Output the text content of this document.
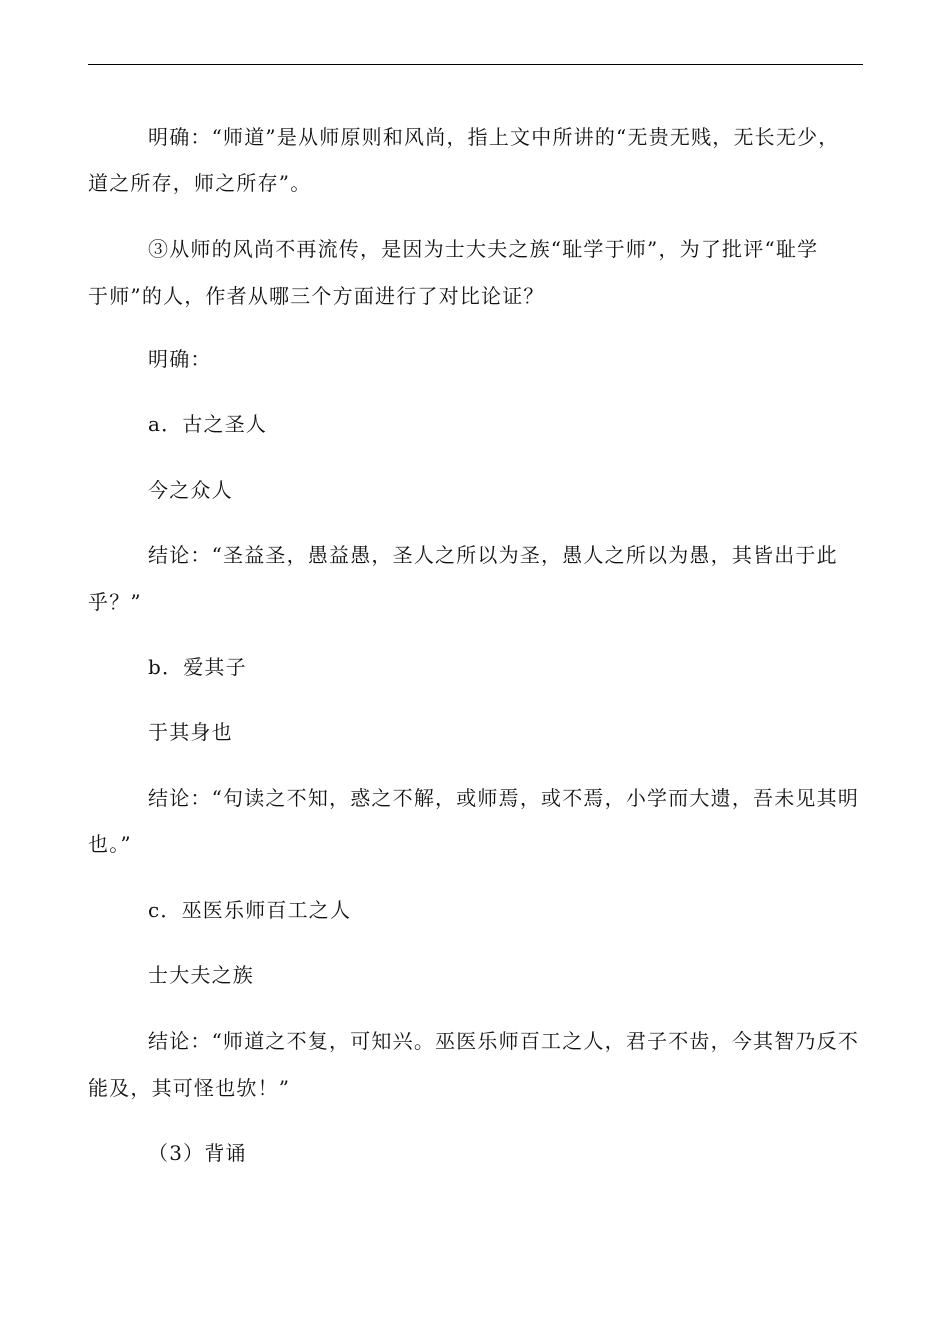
明确：“师道”是从师原则和风尚，指上文中所讲的“无贵无贱，无长无少，

道之所存，师之所存”。

③从师的风尚不再流传，是因为士大夫之族“耻学于师”，为了批评“耻学

于师”的人，作者从哪三个方面进行了对比论证？

明确：

a．古之圣人

今之众人

结论：“圣益圣，愚益愚，圣人之所以为圣，愚人之所以为愚，其皆出于此

乎？”

b．爱其子

于其身也

结论：“句读之不知，惑之不解，或师焉，或不焉，小学而大遗，吾未见其明

也。”

c．巫医乐师百工之人

士大夫之族

结论：“师道之不复，可知兴。巫医乐师百工之人，君子不齿，今其智乃反不

能及，其可怪也欤！”

（3）背诵
